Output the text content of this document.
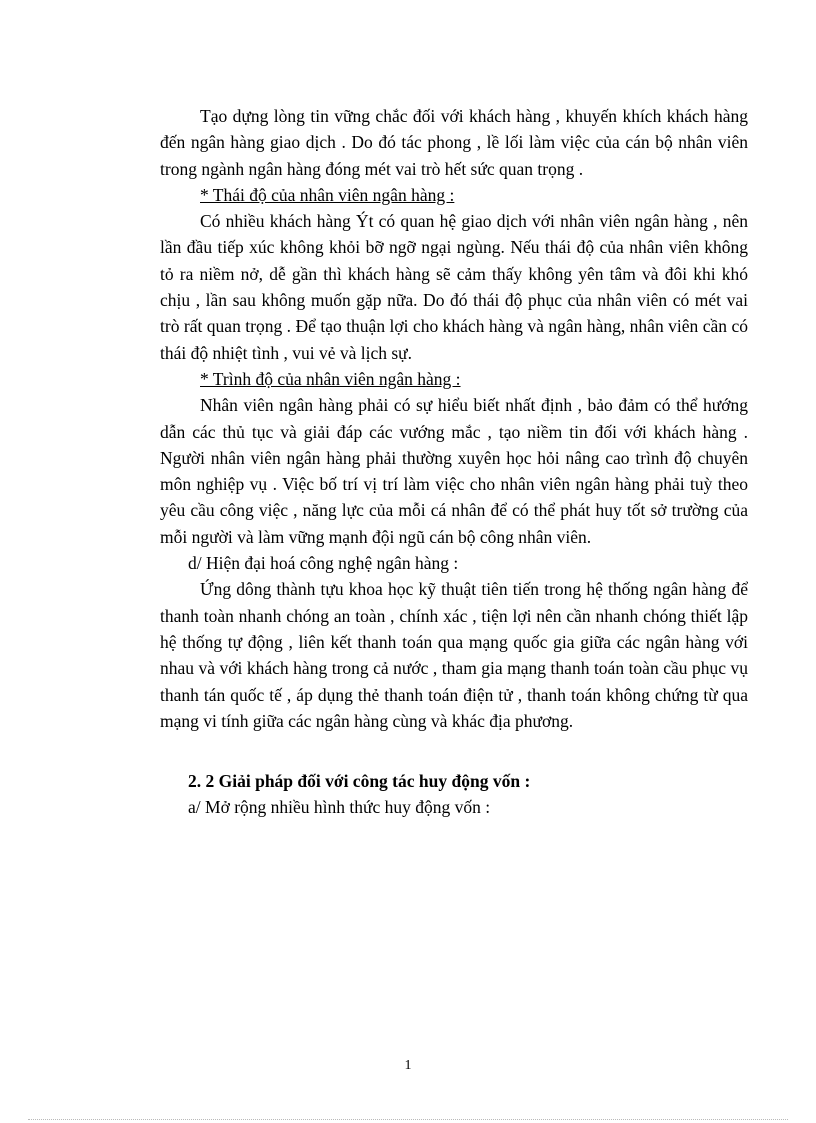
Tạo dựng lòng tin vững chắc đối với khách hàng , khuyến khích khách hàng đến ngân hàng giao dịch . Do đó tác phong , lề lối làm việc của cán bộ nhân viên trong ngành ngân hàng đóng mét vai trò hết sức quan trọng .

* Thái độ của nhân viên ngân hàng :

Có nhiều khách hàng Ýt có quan hệ giao dịch với nhân viên ngân hàng , nên lần đầu tiếp xúc không khỏi bỡ ngỡ ngại ngùng. Nếu thái độ của nhân viên không tỏ ra niềm nở, dễ gần thì khách hàng sẽ cảm thấy không yên tâm và đôi khi khó chịu , lần sau không muốn gặp nữa. Do đó thái độ phục của nhân viên có mét vai trò rất quan trọng . Để tạo thuận lợi cho khách hàng và ngân hàng, nhân viên cần có thái độ nhiệt tình , vui vẻ và lịch sự.

* Trình độ của nhân viên ngân hàng :

Nhân viên ngân hàng phải có sự hiểu biết nhất định , bảo đảm có thể hướng dẫn các thủ tục và giải đáp các vướng mắc , tạo niềm tin đối với khách hàng . Người nhân viên ngân hàng phải thường xuyên học hỏi nâng cao trình độ chuyên môn nghiệp vụ . Việc bố trí vị trí làm việc cho nhân viên ngân hàng phải tuỳ theo yêu cầu công việc , năng lực của mỗi cá nhân để có thể phát huy tốt sở trường của mỗi người và làm vững mạnh đội ngũ cán bộ công nhân viên.

d/ Hiện đại hoá công nghệ ngân hàng :

Ứng dông thành tựu khoa học kỹ thuật tiên tiến trong hệ thống ngân hàng để thanh toàn nhanh chóng an toàn , chính xác , tiện lợi nên cần nhanh chóng thiết lập hệ thống tự động , liên kết thanh toán qua mạng quốc gia giữa các ngân hàng với nhau và với khách hàng trong cả nước , tham gia mạng thanh toán toàn cầu phục vụ thanh tán quốc tế , áp dụng thẻ thanh toán điện tử , thanh toán không chứng từ qua mạng vi tính giữa các ngân hàng cùng và khác địa phương.

2. 2 Giải pháp đối với công tác huy động vốn :

a/ Mở rộng nhiều hình thức huy động vốn :

1
